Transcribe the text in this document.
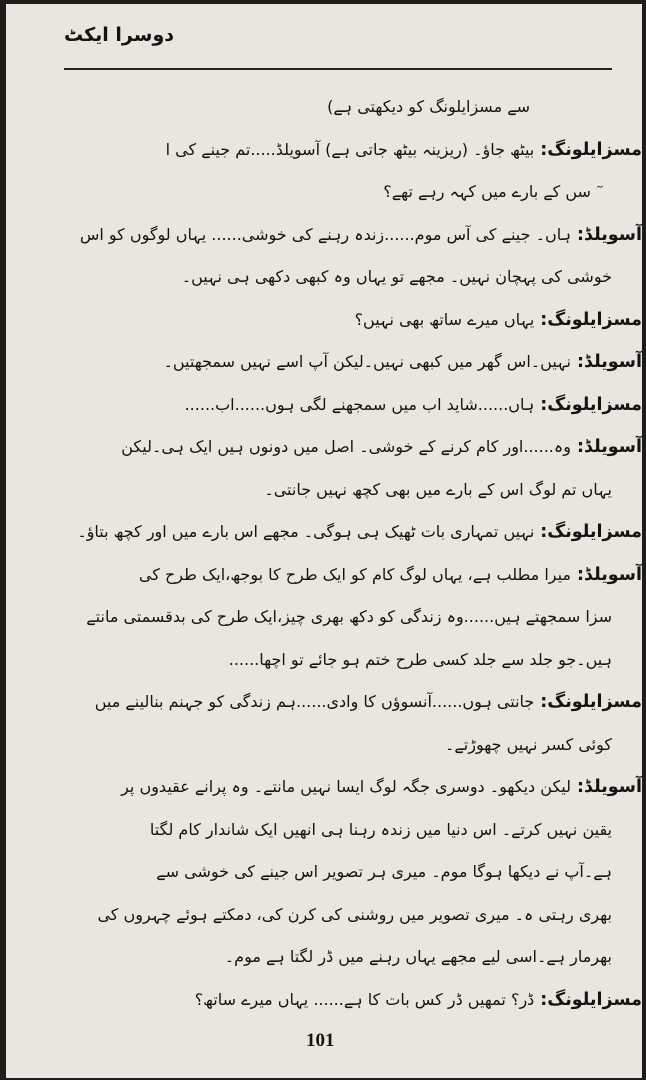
دوسرا ایکٹ
سے مسزایلونگ کو دیکھتی ہے)
مسزایلونگ:بیٹھ جاؤ۔ (ریزینہ بیٹھ جاتی ہے) آسویلڈ.....تم جینے کی ا
ٓ سں کے بارے میں کہہ رہے تھے؟
آسویلڈ:ہاں۔ جینے کی آس موم......زندہ رہنے کی خوشی...... یہاں لوگوں کو اس
خوشی کی پہچان نہیں۔ مجھے تو یہاں وہ کبھی دکھی ہی نہیں۔
مسزایلونگ:یہاں میرے ساتھ بھی نہیں؟
آسویلڈ:نہیں۔اس گھر میں کبھی نہیں۔لیکن آپ اسے نہیں سمجھتیں۔
مسزایلونگ:ہاں......شاید اب میں سمجھنے لگی ہوں......اب......
آسویلڈ:وہ......اور کام کرنے کے خوشی۔ اصل میں دونوں ہیں ایک ہی۔لیکن
یہاں تم لوگ اس کے بارے میں بھی کچھ نہیں جانتی۔
مسزایلونگ:نہیں تمہاری بات ٹھیک ہی ہوگی۔ مجھے اس بارے میں اور کچھ بتاؤ۔
آسویلڈ:میرا مطلب ہے، یہاں لوگ کام کو ایک طرح کا بوجھ،ایک طرح کی
سزا سمجھتے ہیں......وہ زندگی کو دکھ بھری چیز،ایک طرح کی بدقسمتی مانتے
ہیں۔جو جلد سے جلد کسی طرح ختم ہو جائے تو اچھا......
مسزایلونگ:جانتی ہوں......آنسوؤں کا وادی......ہم زندگی کو جہنم بنالینے میں
کوئی کسر نہیں چھوڑتے۔
آسویلڈ:لیکن دیکھو۔ دوسری جگہ لوگ ایسا نہیں مانتے۔ وہ پرانے عقیدوں پر
یقین نہیں کرتے۔ اس دنیا میں زندہ رہنا ہی انھیں ایک شاندار کام لگتا
ہے۔آپ نے دیکھا ہوگا موم۔ میری ہر تصویر اس جینے کی خوشی سے
بھری رہتی ہ۔ میری تصویر میں روشنی کی کرن کی، دمکتے ہوئے چہروں کی
بھرمار ہے۔اسی لیے مجھے یہاں رہنے میں ڈر لگتا ہے موم۔
مسزایلونگ:ڈر؟ تمھیں ڈر کس بات کا ہے...... یہاں میرے ساتھ؟
101
